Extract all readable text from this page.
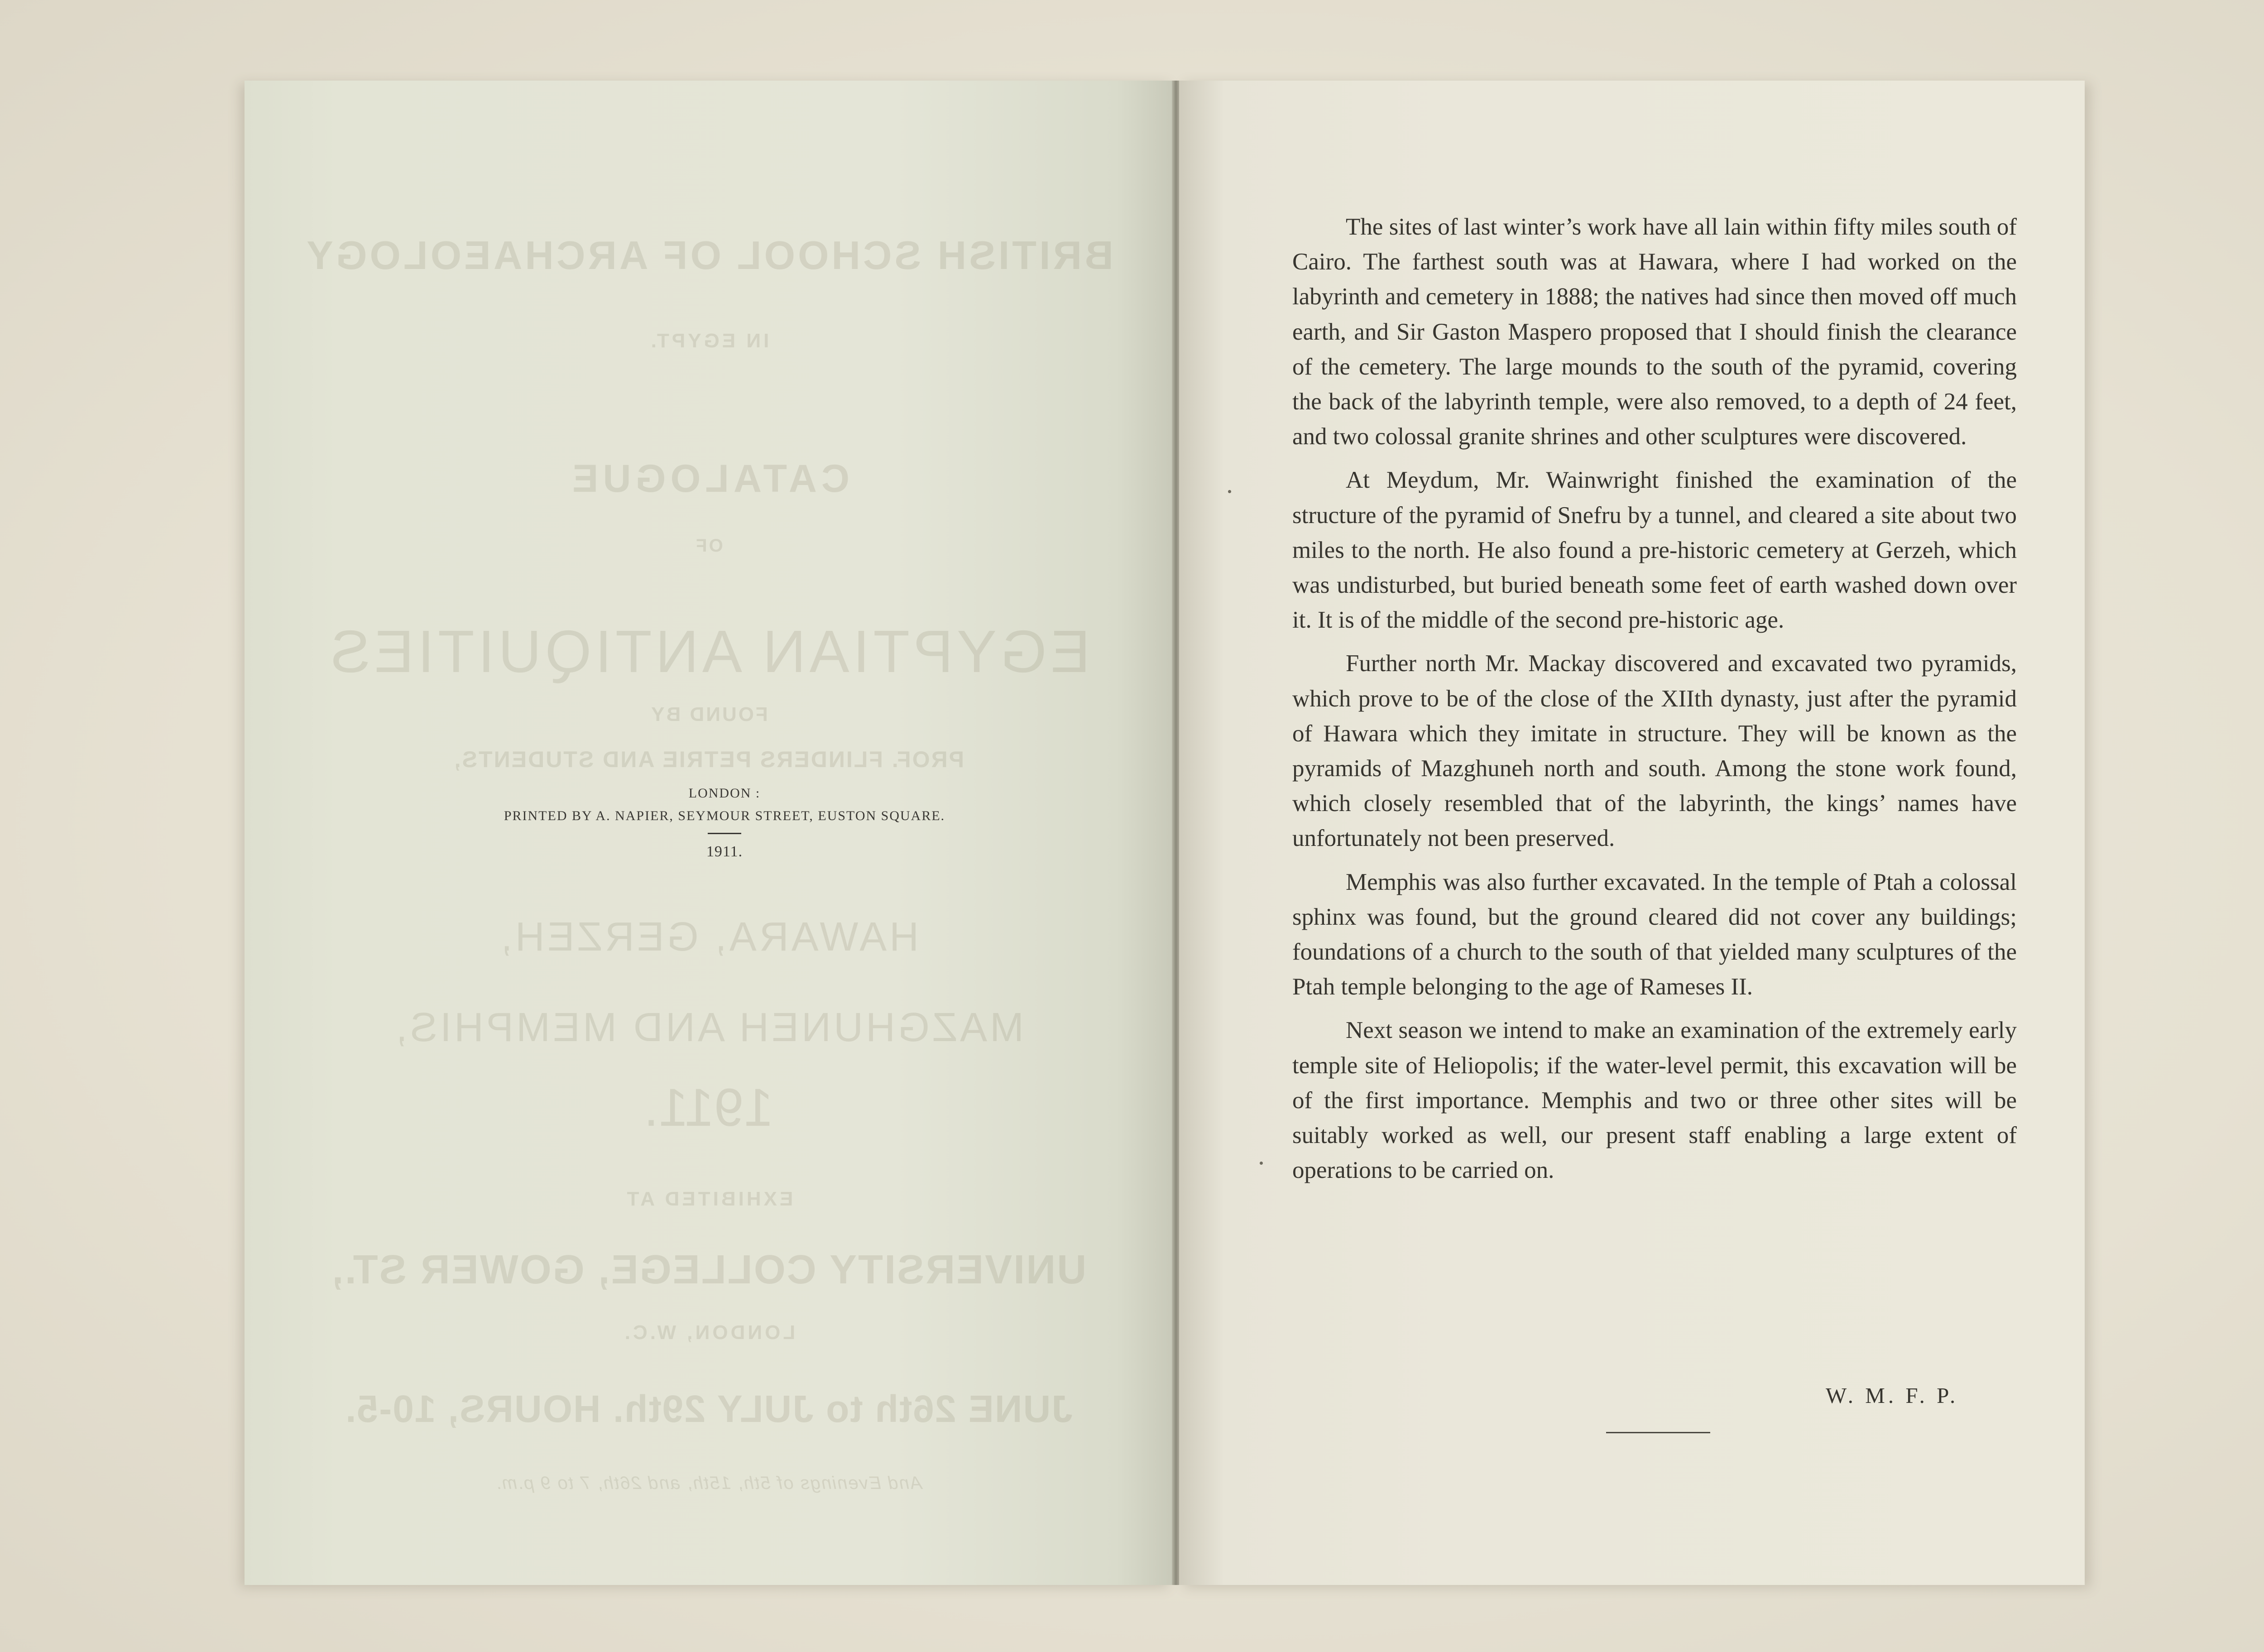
BRITISH SCHOOL OF ARCHAEOLOGY
IN EGYPT.
CATALOGUE
OF
EGYPTIAN ANTIQUITIES
FOUND BY
PROF. FLINDERS PETRIE AND STUDENTS,
HAWARA, GERZEH,
MAZGHUNEH AND MEMPHIS,
1911.
EXHIBITED AT
UNIVERSITY COLLEGE, GOWER ST.,
LONDON, W.C.
JUNE 26th to JULY 29th. HOURS, 10-5.
And Evenings of 5th, 15th, and 26th, 7 to 9 p.m.
LONDON :
PRINTED BY A. NAPIER, SEYMOUR STREET, EUSTON SQUARE.
1911.

The sites of last winter’s work have all lain within fifty miles south of Cairo. The farthest south was at Hawara, where I had worked on the labyrinth and cemetery in 1888; the natives had since then moved off much earth, and Sir Gaston Maspero proposed that I should finish the clearance of the cemetery. The large mounds to the south of the pyramid, covering the back of the labyrinth temple, were also removed, to a depth of 24 feet, and two colossal granite shrines and other sculptures were discovered.

At Meydum, Mr. Wainwright finished the examination of the structure of the pyramid of Snefru by a tunnel, and cleared a site about two miles to the north. He also found a pre-historic cemetery at Gerzeh, which was undisturbed, but buried beneath some feet of earth washed down over it. It is of the middle of the second pre-historic age.

Further north Mr. Mackay discovered and excavated two pyramids, which prove to be of the close of the XIIth dynasty, just after the pyramid of Hawara which they imitate in structure. They will be known as the pyramids of Mazghuneh north and south. Among the stone work found, which closely resembled that of the labyrinth, the kings’ names have unfortunately not been preserved.

Memphis was also further excavated. In the temple of Ptah a colossal sphinx was found, but the ground cleared did not cover any buildings; foundations of a church to the south of that yielded many sculptures of the Ptah temple belonging to the age of Rameses II.

Next season we intend to make an examination of the extremely early temple site of Heliopolis; if the water-level permit, this excavation will be of the first importance. Memphis and two or three other sites will be suitably worked as well, our present staff enabling a large extent of operations to be carried on.

W. M. F. P.
